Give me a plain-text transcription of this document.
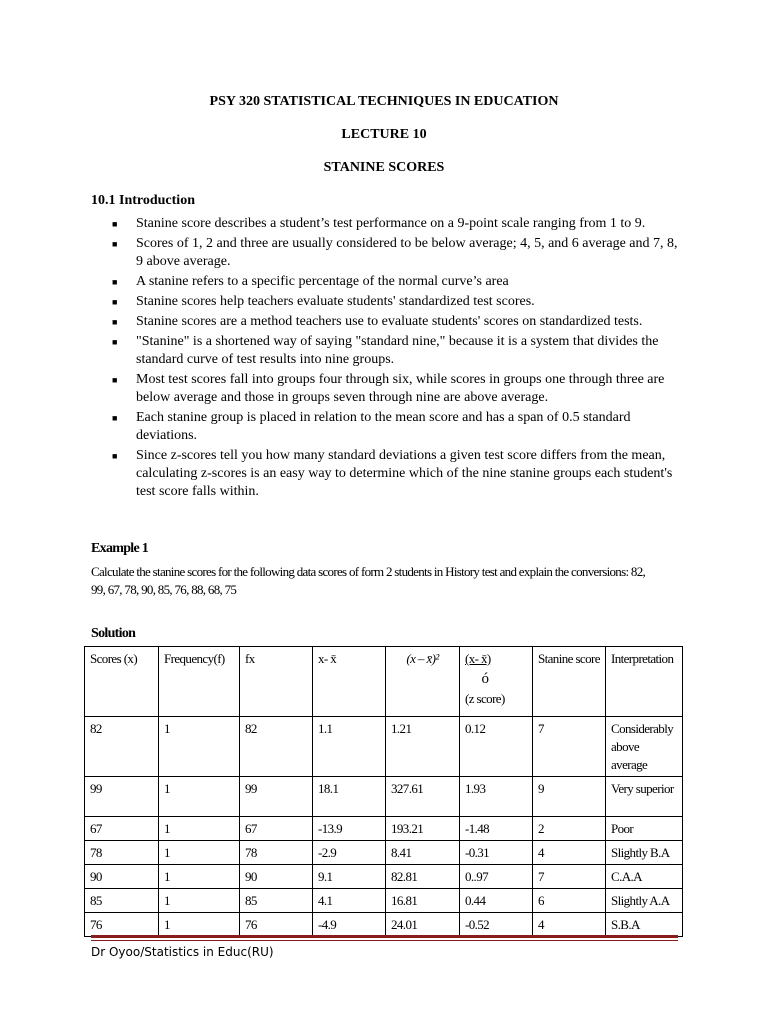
PSY 320 STATISTICAL TECHNIQUES IN EDUCATION
LECTURE 10
STANINE SCORES
10.1 Introduction
■ Stanine score describes a student’s test performance on a 9-point scale ranging from 1 to 9.
■ Scores of 1, 2 and three are usually considered to be below average; 4, 5, and 6 average and 7, 8, 9 above average.
■ A stanine refers to a specific percentage of the normal curve’s area
■ Stanine scores help teachers evaluate students' standardized test scores.
■ Stanine scores are a method teachers use to evaluate students' scores on standardized tests.
■ "Stanine" is a shortened way of saying "standard nine," because it is a system that divides the standard curve of test results into nine groups.
■ Most test scores fall into groups four through six, while scores in groups one through three are below average and those in groups seven through nine are above average.
■ Each stanine group is placed in relation to the mean score and has a span of 0.5 standard deviations.
■ Since z-scores tell you how many standard deviations a given test score differs from the mean, calculating z-scores is an easy way to determine which of the nine stanine groups each student's test score falls within.
Example 1
Calculate the stanine scores for the following data scores of form 2 students in History test and explain the conversions: 82, 99, 67, 78, 90, 85, 76, 88, 68, 75
Solution
Scores (x)	Frequency(f)	fx	x- x̄	(x – x̄)²	(x- x̄)
ó
(z score)	Stanine score	Interpretation
82	1	82	1.1	1.21	0.12	7	Considerably above average
99	1	99	18.1	327.61	1.93	9	Very superior
67	1	67	-13.9	193.21	-1.48	2	Poor
78	1	78	-2.9	8.41	-0.31	4	Slightly B.A
90	1	90	9.1	82.81	0..97	7	C.A.A
85	1	85	4.1	16.81	0.44	6	Slightly A.A
76	1	76	-4.9	24.01	-0.52	4	S.B.A
Dr Oyoo/Statistics in Educ(RU)
